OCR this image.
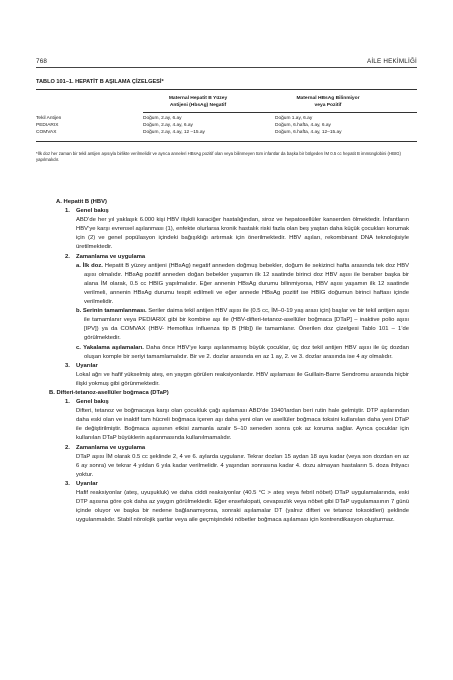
768	AİLE HEKİMLİĞİ
TABLO 101–1. HEPATİT B AŞILAMA ÇİZELGESİ*
Maternal Hepatit B Yüzey
Antijeni (HbsAg) Negatif
Maternal HBsAg Bilinmiyor
veya Pozitif
Tekil Antijen	Doğum, 2.ay, 6.ay	Doğum 1.ay, 6.ay
PEDIARIX	Doğum, 2.ay, 4.ay, 6.ay	Doğum, 6.hafta, 4.ay, 6.ay
COMVAX	Doğum, 2.ay, 4.ay, 12 –15.ay	Doğum, 6.hafta, 4.ay, 12–15.ay
*İlk doz her zaman bir tekil antijen aşısıyla birlikte verilmelidir ve ayrıca anneleri HBsAg pozitif olan veya bilinmeyen tüm infantlar da başka bir bölgeden İM 0.5 cc hepatit B immünglobini (HBIG) yapılmalıdır.

A. Hepatit B (HBV)

1. Genel bakış

ABD’de her yıl yaklaşık 6.000 kişi HBV ilişkili karaciğer hastalığından, siroz ve hepatosellüler kanserden ölmektedir. İnfantların HBV’ye karşı evrensel aşılanması (1), enfekte olurlarsa kronik hastalık riski fazla olan beş yaştan daha küçük çocukları korumak için (2) ve genel popülasyon içindeki bağışıklığı artırmak için önerilmektedir. HBV aşıları, rekombinant DNA teknolojisiyle üretilmektedir.

2. Zamanlama ve uygulama

a. İlk doz. Hepatit B yüzey antijeni (HBsAg) negatif anneden doğmuş bebekler, doğum ile sekizinci hafta arasında tek doz HBV aşısı olmalıdır. HBsAg pozitif anneden doğan bebekler yaşamın ilk 12 saatinde birinci doz HBV aşısı ile beraber başka bir alana İM olarak, 0.5 cc HBIG yapılmalıdır. Eğer annenin HBsAg durumu bilinmiyorsa, HBV aşısı yaşamın ilk 12 saatinde verilmeli, annenin HBsAg durumu tespit edilmeli ve eğer annede HBsAg pozitif ise HBIG doğumun birinci haftası içinde verilmelidir.

b. Serinin tamamlanması. Seriler daima tekil antijen HBV aşısı ile (0.5 cc, İM–0-19 yaş arası için) başlar ve bir tekil antijen aşısı ile tamamlanır veya PEDIARIX gibi bir kombine aşı ile (HBV-difteri-tetanoz-asellüler boğmaca [DTaP] – inaktive polio aşısı [IPV]) ya da COMVAX (HBV- Hemofilus influenza tip B [Hib]) ile tamamlanır. Önerilen doz çizelgesi Tablo 101 – 1’de görülmektedir.

c. Yakalama aşılamaları. Daha önce HBV’ye karşı aşılanmamış büyük çocuklar, üç doz tekil antijen HBV aşısı ile üç dozdan oluşan komple bir seriyi tamamlamalıdır. Bir ve 2. dozlar arasında en az 1 ay, 2. ve 3. dozlar arasında ise 4 ay olmalıdır.

3. Uyarılar

Lokal ağrı ve hafif yükselmiş ateş, en yaygın görülen reaksiyonlardır. HBV aşılaması ile Guillain-Barre Sendromu arasında hiçbir ilişki yokmuş gibi görünmektedir.

B. Difteri-tetanoz-asellüler boğmaca (DTaP)

1. Genel bakış

Difteri, tetanoz ve boğmacaya karşı olan çocukluk çağı aşılaması ABD’de 1940’lardan beri rutin hale gelmiştir. DTP aşılarından daha eski olan ve inaktif tam hücreli boğmaca içeren aşı daha yeni olan ve asellüler boğmaca toksini kullanılan daha yeni DTaP ile değiştirilmiştir. Boğmaca aşısının etkisi zamanla azalır 5–10 seneden sonra çok az koruma sağlar. Ayrıca çocuklar için kullanılan DTaP büyüklerin aşılanmasında kullanılmamalıdır.

2. Zamanlama ve uygulama

DTaP aşısı İM olarak 0.5 cc şeklinde 2, 4 ve 6. aylarda uygulanır. Tekrar dozları 15 aydan 18 aya kadar (veya son dozdan en az 6 ay sonra) ve tekrar 4 yıldan 6 yıla kadar verilmelidir. 4 yaşından sonrasına kadar 4. dozu almayan hastaların 5. doza ihtiyacı yoktur.

3. Uyarılar

Hafif reaksiyonlar (ateş, uyuşukluk) ve daha ciddi reaksiyonlar (40.5 °C > ateş veya febril nöbet) DTaP uygulamalarında, eski DTP aşısına göre çok daha az yaygın görülmektedir. Eğer ensefalopati, cevapsızlık veya nöbet gibi DTaP uygulamasının 7 günü içinde oluyor ve başka bir nedene bağlanamıyorsa, sonraki aşılamalar DT (yalnız difteri ve tetanoz toksoidleri) şeklinde uygulanmalıdır. Stabil nörolojik şartlar veya aile geçmişindeki nöbetler boğmaca aşılaması için kontrendikasyon oluşturmaz.
